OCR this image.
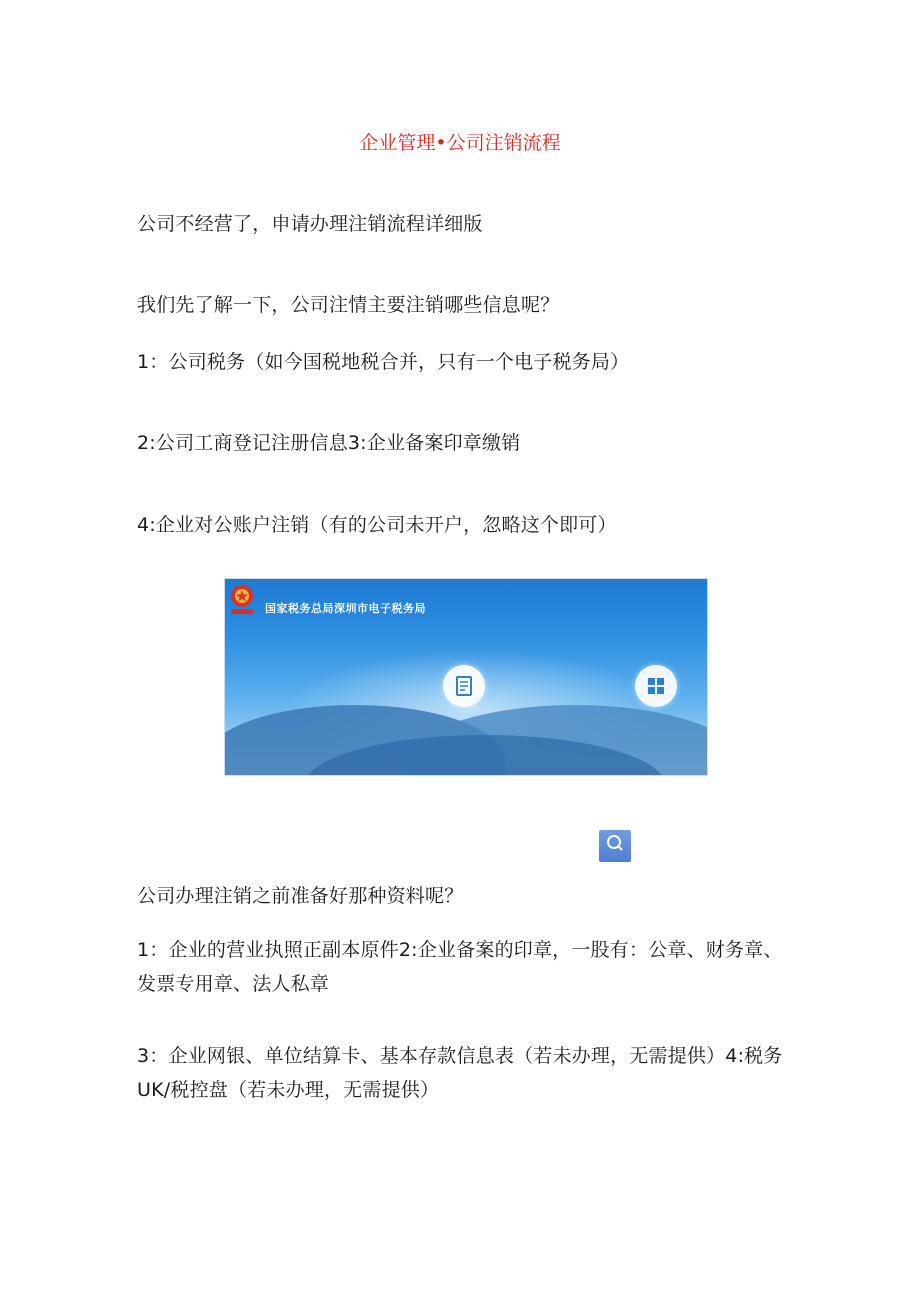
企业管理•公司注销流程

公司不经营了，申请办理注销流程详细版

我们先了解一下，公司注情主要注销哪些信息呢？

1：公司税务（如今国税地税合并，只有一个电子税务局）

2:公司工商登记注册信息3:企业备案印章缴销

4:企业对公账户注销（有的公司未开户，忽略这个即可）

国家税务总局深圳市电子税务局

公司办理注销之前准备好那种资料呢？

1：企业的营业执照正副本原件2:企业备案的印章，一股有：公章、财务章、发票专用章、法人私章

3：企业网银、单位结算卡、基本存款信息表（若未办理，无需提供）4:税务UK/税控盘（若未办理，无需提供）
